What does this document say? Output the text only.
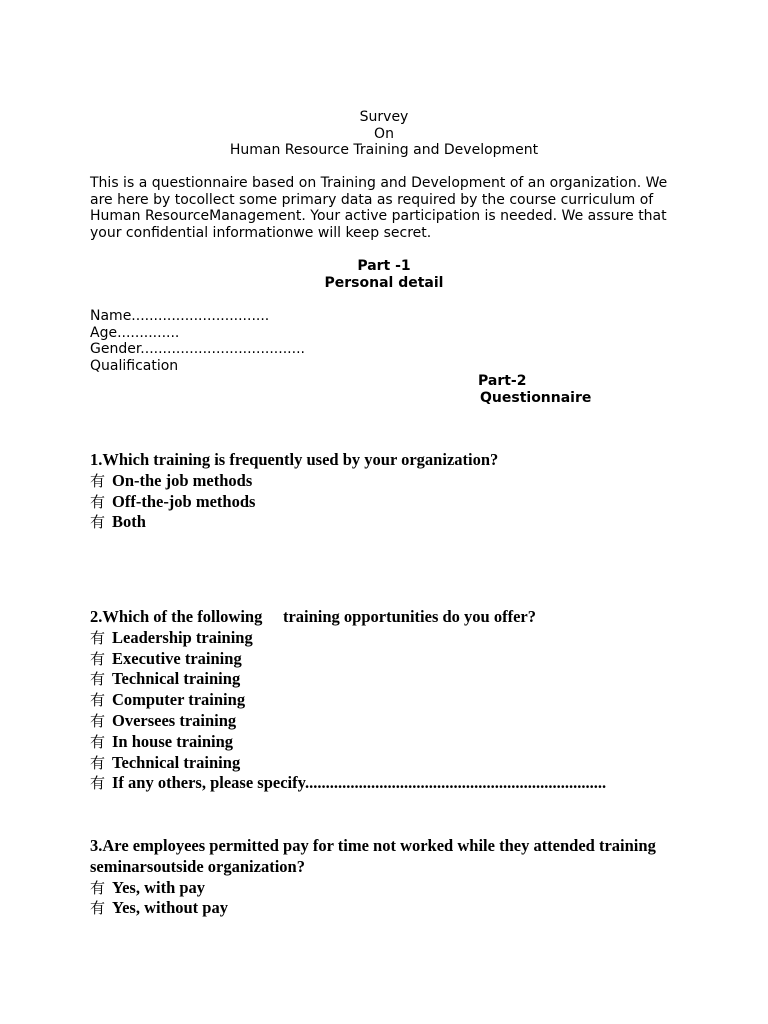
Survey
On
Human Resource Training and Development
This is a questionnaire based on Training and Development of an organization. We
are here by tocollect some primary data as required by the course curriculum of
Human ResourceManagement. Your active participation is needed. We assure that
your confidential informationwe will keep secret.
Part -1
Personal detail
Name...............................
Age..............
Gender.....................................
Qualification
Part-2
Questionnaire
1.Which training is frequently used by your organization?
有 On-the job methods
有 Off-the-job methods
有 Both
2.Which of the following     training opportunities do you offer?
有 Leadership training
有 Executive training
有 Technical training
有 Computer training
有 Oversees training
有 In house training
有 Technical training
有 If any others, please specify.........................................................................
3.Are employees permitted pay for time not worked while they attended training
seminarsoutside organization?
有 Yes, with pay
有 Yes, without pay
